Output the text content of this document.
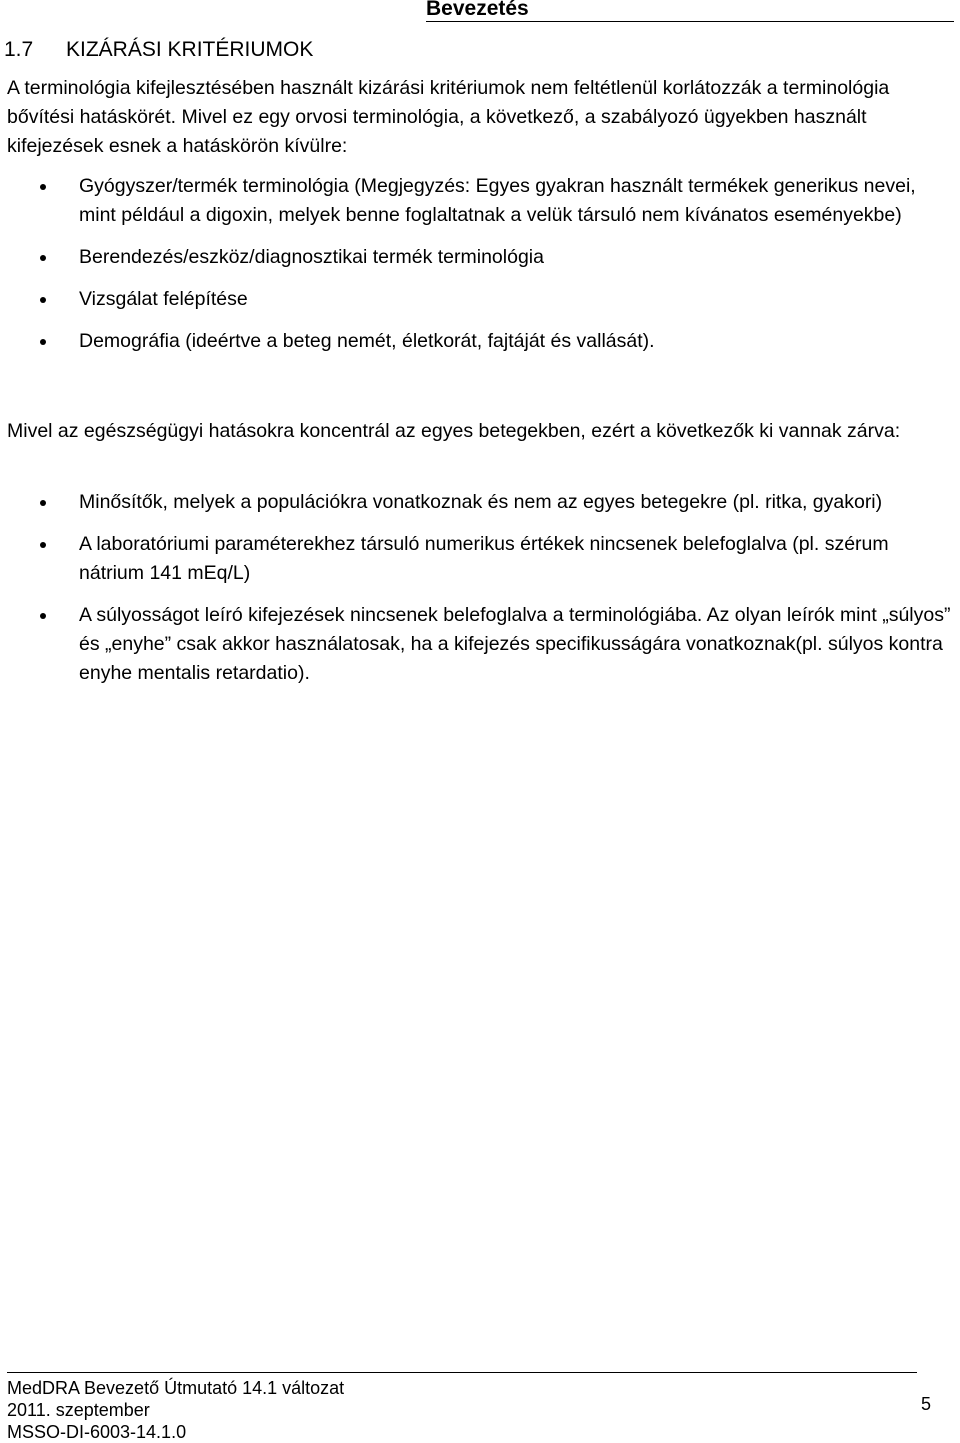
Bevezetés
1.7 KIZÁRÁSI KRITÉRIUMOK

A terminológia kifejlesztésében használt kizárási kritériumok nem feltétlenül korlátozzák a terminológia bővítési hatáskörét. Mivel ez egy orvosi terminológia, a következő, a szabályozó ügyekben használt kifejezések esnek a hatáskörön kívülre:

Gyógyszer/termék terminológia (Megjegyzés: Egyes gyakran használt termékek generikus nevei, mint például a digoxin, melyek benne foglaltatnak a velük társuló nem kívánatos eseményekbe)
Berendezés/eszköz/diagnosztikai termék terminológia
Vizsgálat felépítése
Demográfia (ideértve a beteg nemét, életkorát, fajtáját és vallását).

Mivel az egészségügyi hatásokra koncentrál az egyes betegekben, ezért a következők ki vannak zárva:

Minősítők, melyek a populációkra vonatkoznak és nem az egyes betegekre (pl. ritka, gyakori)
A laboratóriumi paraméterekhez társuló numerikus értékek nincsenek belefoglalva (pl. szérum nátrium 141 mEq/L)
A súlyosságot leíró kifejezések nincsenek belefoglalva a terminológiába. Az olyan leírók mint „súlyos” és „enyhe” csak akkor használatosak, ha a kifejezés specifikusságára vonatkoznak(pl. súlyos kontra enyhe mentalis retardatio).
MedDRA Bevezető Útmutató 14.1 változat
2011. szeptember
MSSO-DI-6003-14.1.0
5
